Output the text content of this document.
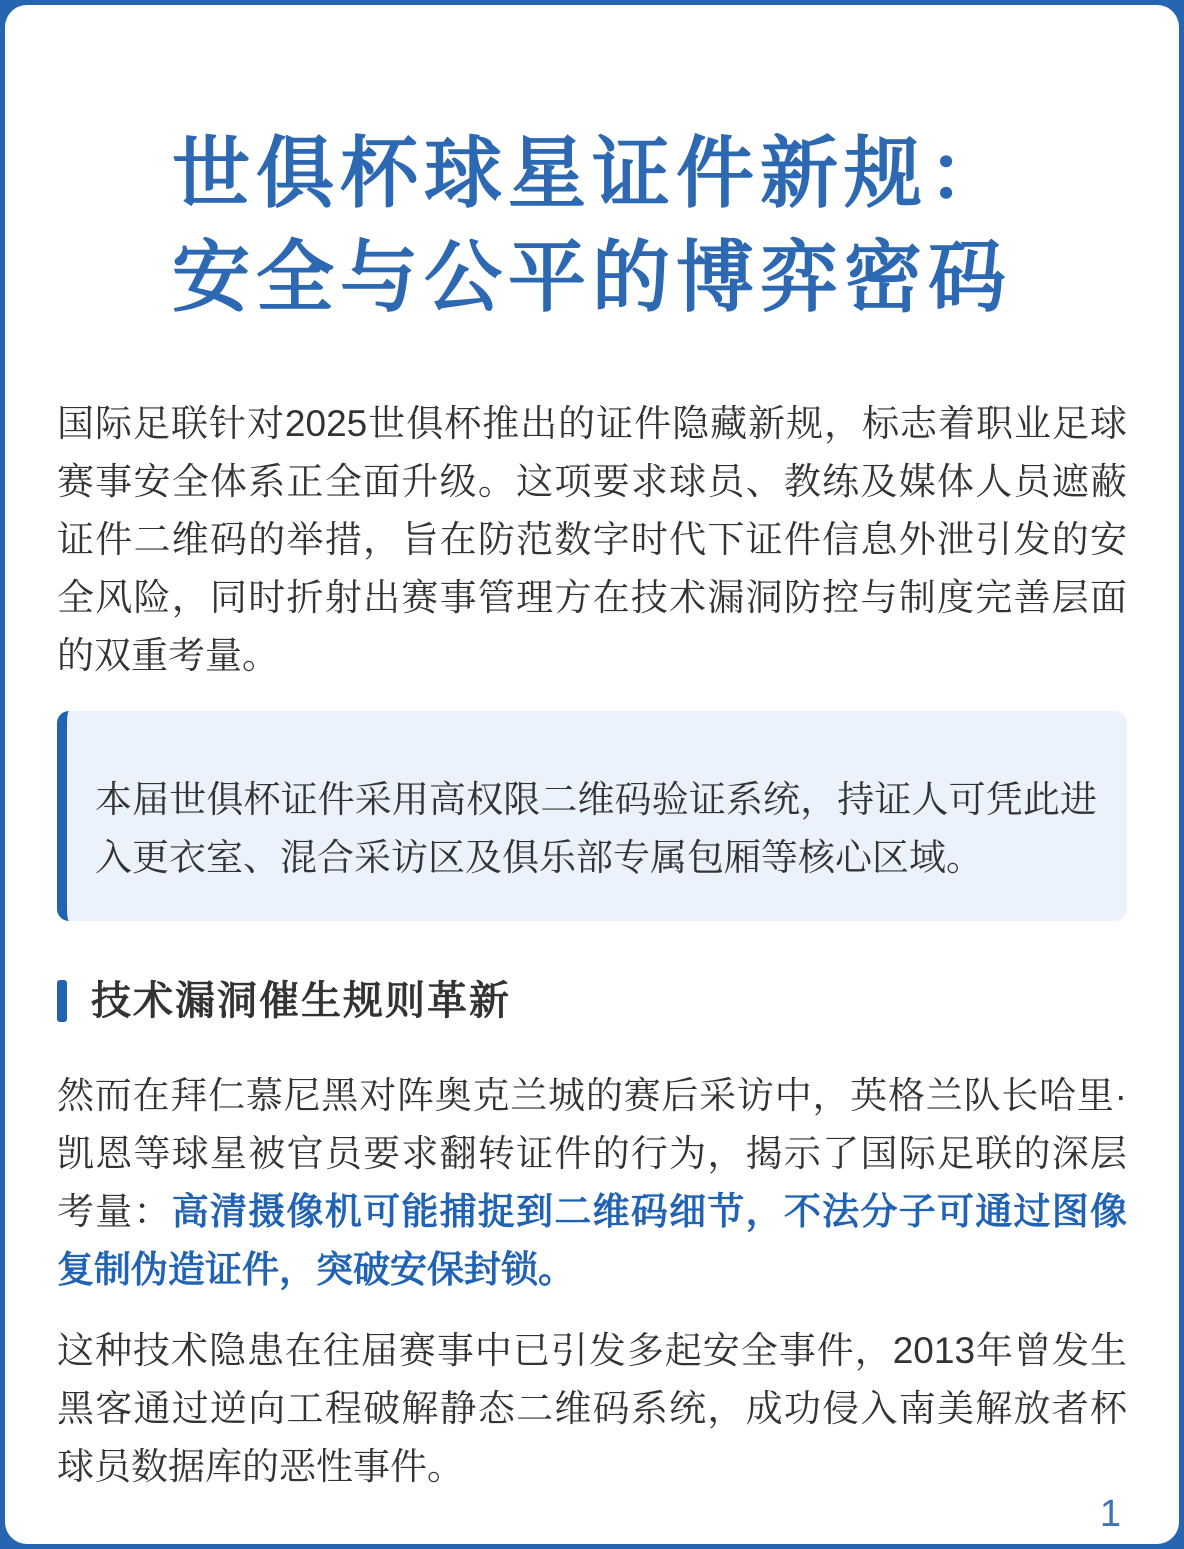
世俱杯球星证件新规：
安全与公平的博弈密码

国际足联针对2025世俱杯推出的证件隐藏新规，标志着职业足球赛事安全体系正全面升级。这项要求球员、教练及媒体人员遮蔽证件二维码的举措，旨在防范数字时代下证件信息外泄引发的安全风险，同时折射出赛事管理方在技术漏洞防控与制度完善层面的双重考量。

本届世俱杯证件采用高权限二维码验证系统，持证人可凭此进入更衣室、混合采访区及俱乐部专属包厢等核心区域。

技术漏洞催生规则革新

然而在拜仁慕尼黑对阵奥克兰城的赛后采访中，英格兰队长哈里·凯恩等球星被官员要求翻转证件的行为，揭示了国际足联的深层考量：高清摄像机可能捕捉到二维码细节，不法分子可通过图像复制伪造证件，突破安保封锁。

这种技术隐患在往届赛事中已引发多起安全事件，2013年曾发生黑客通过逆向工程破解静态二维码系统，成功侵入南美解放者杯球员数据库的恶性事件。

1
